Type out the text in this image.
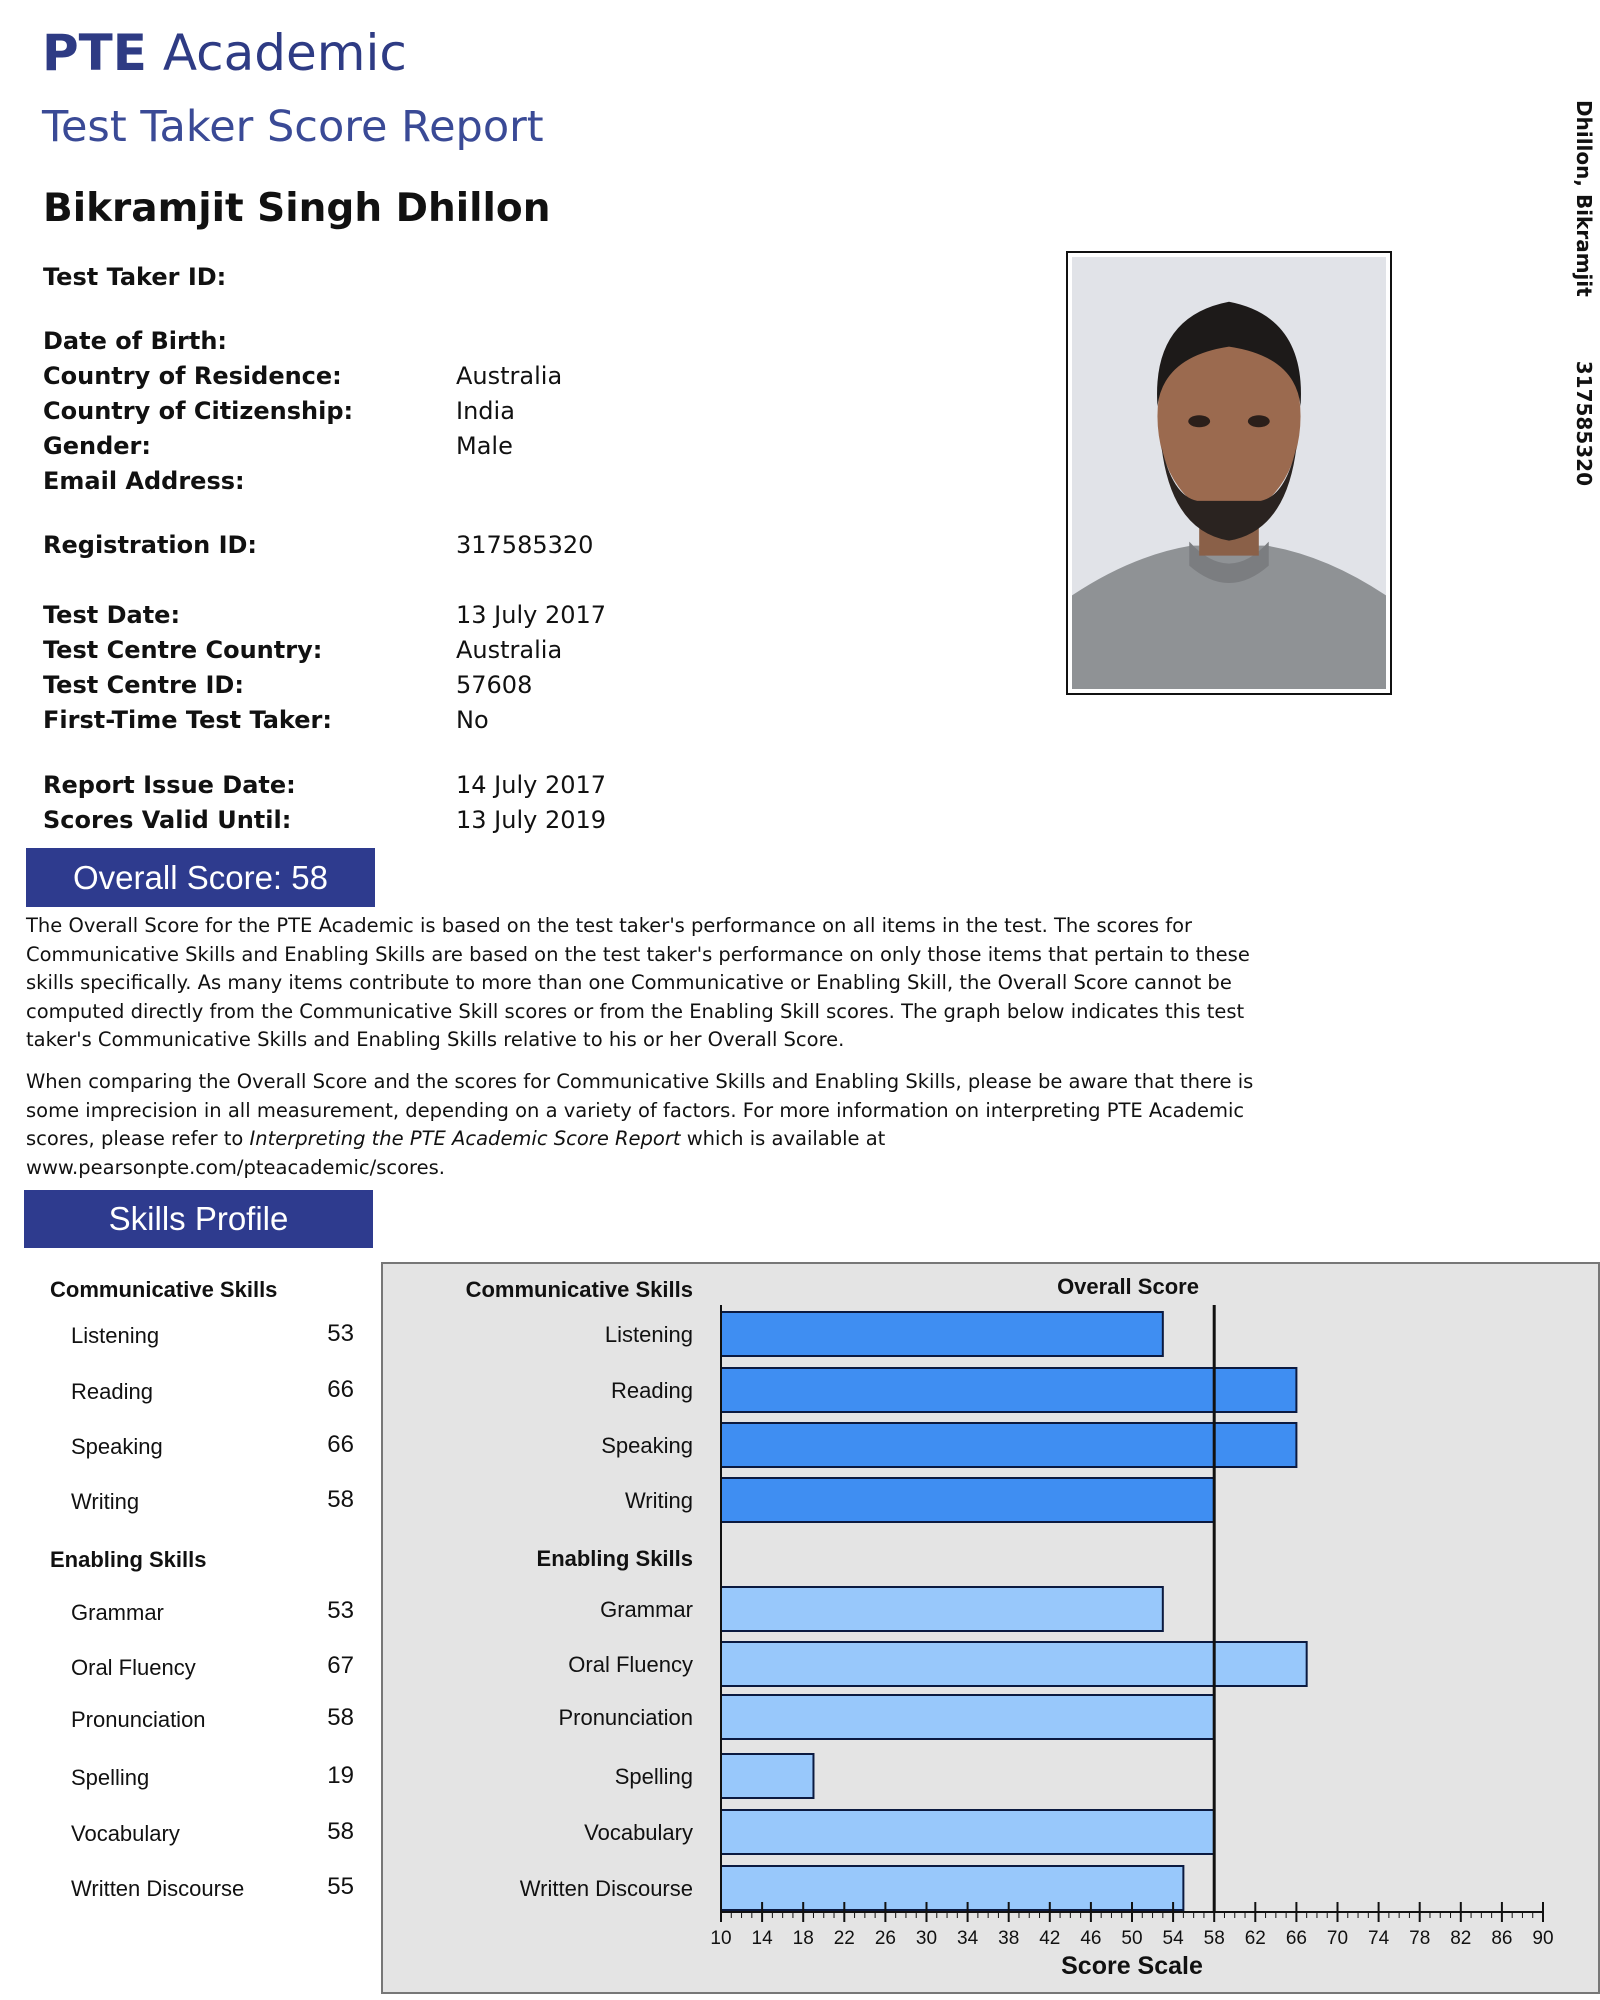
PTE Academic
Test Taker Score Report
Bikramjit Singh Dhillon	Dhillon, Bikramjit  317585320
Test Taker ID:
Date of Birth:
Country of Residence:	Australia
Country of Citizenship:	India
Gender:	Male
Email Address:
Registration ID:	317585320
Test Date:	13 July 2017
Test Centre Country:	Australia
Test Centre ID:	57608
First-Time Test Taker:	No
Report Issue Date:	14 July 2017
Scores Valid Until:	13 July 2019
Overall Score: 58

The Overall Score for the PTE Academic is based on the test taker's performance on all items in the test. The scores for Communicative Skills and Enabling Skills are based on the test taker's performance on only those items that pertain to these skills specifically. As many items contribute to more than one Communicative or Enabling Skill, the Overall Score cannot be computed directly from the Communicative Skill scores or from the Enabling Skill scores. The graph below indicates this test taker's Communicative Skills and Enabling Skills relative to his or her Overall Score.

When comparing the Overall Score and the scores for Communicative Skills and Enabling Skills, please be aware that there is some imprecision in all measurement, depending on a variety of factors. For more information on interpreting PTE Academic scores, please refer to Interpreting the PTE Academic Score Report which is available at www.pearsonpte.com/pteacademic/scores.

Skills Profile
Communicative Skills
Listening	53
Reading	66
Speaking	66
Writing	58
Enabling Skills
Grammar	53
Oral Fluency	67
Pronunciation	58
Spelling	19
Vocabulary	58
Written Discourse	55
Communicative Skills
Listening
Reading
Speaking
Writing
Enabling Skills
Grammar
Oral Fluency
Pronunciation
Spelling
Vocabulary
Written Discourse
10 14 18 22 26 30 34 38 42 46 50 54 58 62 66 70 74 78 82 86 90
Score Scale
Overall Score
